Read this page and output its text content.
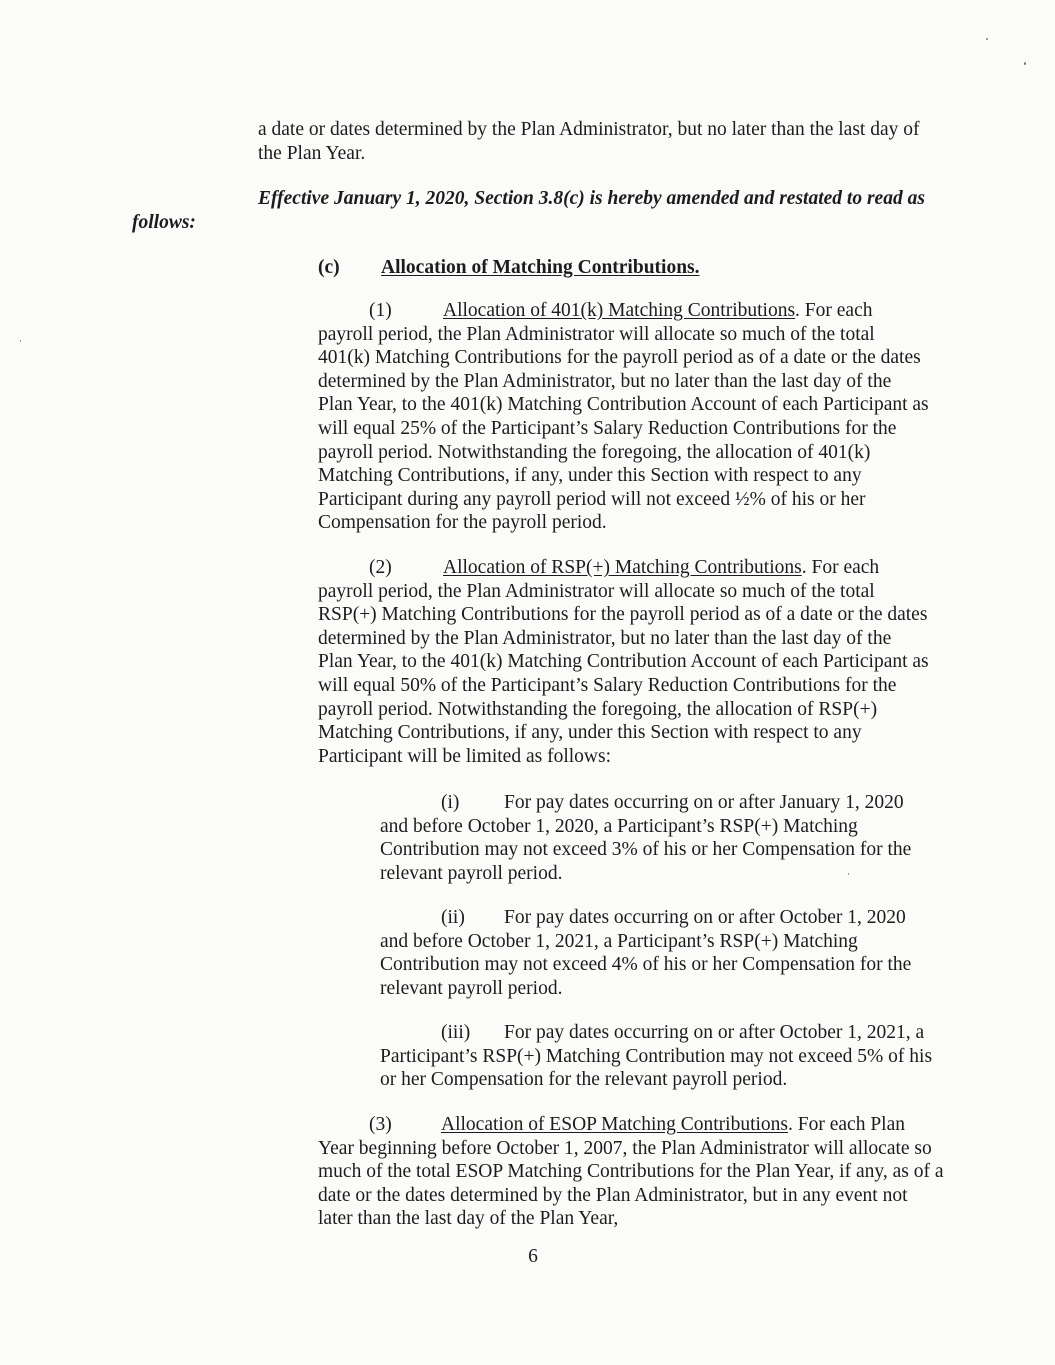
a date or dates determined by the Plan Administrator, but no later than the last day of the Plan Year.

Effective January 1, 2020, Section 3.8(c) is hereby amended and restated to read as follows:

(c) Allocation of Matching Contributions.

(1)	Allocation of 401(k) Matching Contributions. For each payroll period, the Plan Administrator will allocate so much of the total 401(k) Matching Contributions for the payroll period as of a date or the dates determined by the Plan Administrator, but no later than the last day of the Plan Year, to the 401(k) Matching Contribution Account of each Participant as will equal 25% of the Participant’s Salary Reduction Contributions for the payroll period. Notwithstanding the foregoing, the allocation of 401(k) Matching Contributions, if any, under this Section with respect to any Participant during any payroll period will not exceed ½% of his or her Compensation for the payroll period.

(2)	Allocation of RSP(+) Matching Contributions. For each payroll period, the Plan Administrator will allocate so much of the total RSP(+) Matching Contributions for the payroll period as of a date or the dates determined by the Plan Administrator, but no later than the last day of the Plan Year, to the 401(k) Matching Contribution Account of each Participant as will equal 50% of the Participant’s Salary Reduction Contributions for the payroll period. Notwithstanding the foregoing, the allocation of RSP(+) Matching Contributions, if any, under this Section with respect to any Participant will be limited as follows:

(i) For pay dates occurring on or after January 1, 2020 and before October 1, 2020, a Participant’s RSP(+) Matching Contribution may not exceed 3% of his or her Compensation for the relevant payroll period.

(ii) For pay dates occurring on or after October 1, 2020 and before October 1, 2021, a Participant’s RSP(+) Matching Contribution may not exceed 4% of his or her Compensation for the relevant payroll period.

(iii) For pay dates occurring on or after October 1, 2021, a Participant’s RSP(+) Matching Contribution may not exceed 5% of his or her Compensation for the relevant payroll period.

(3)	Allocation of ESOP Matching Contributions. For each Plan Year beginning before October 1, 2007, the Plan Administrator will allocate so much of the total ESOP Matching Contributions for the Plan Year, if any, as of a date or the dates determined by the Plan Administrator, but in any event not later than the last day of the Plan Year,

6
